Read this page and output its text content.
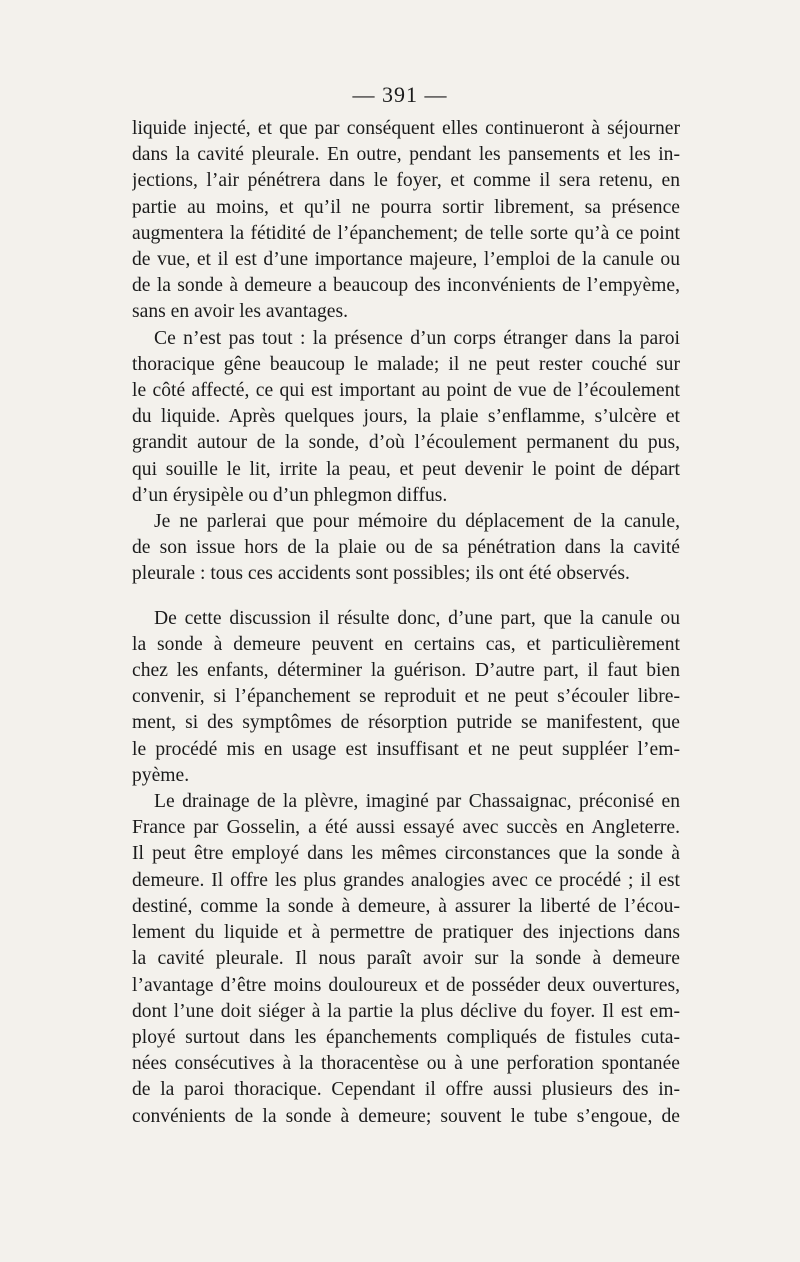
— 391 —
liquide injecté, et que par conséquent elles continueront à séjourner
dans la cavité pleurale. En outre, pendant les pansements et les in-
jections, l’air pénétrera dans le foyer, et comme il sera retenu, en
partie au moins, et qu’il ne pourra sortir librement, sa présence
augmentera la fétidité de l’épanchement; de telle sorte qu’à ce point
de vue, et il est d’une importance majeure, l’emploi de la canule ou
de la sonde à demeure a beaucoup des inconvénients de l’empyème,
sans en avoir les avantages.
Ce n’est pas tout : la présence d’un corps étranger dans la paroi
thoracique gêne beaucoup le malade; il ne peut rester couché sur
le côté affecté, ce qui est important au point de vue de l’écoulement
du liquide. Après quelques jours, la plaie s’enflamme, s’ulcère et
grandit autour de la sonde, d’où l’écoulement permanent du pus,
qui souille le lit, irrite la peau, et peut devenir le point de départ
d’un érysipèle ou d’un phlegmon diffus.
Je ne parlerai que pour mémoire du déplacement de la canule,
de son issue hors de la plaie ou de sa pénétration dans la cavité
pleurale : tous ces accidents sont possibles; ils ont été observés.
De cette discussion il résulte donc, d’une part, que la canule ou
la sonde à demeure peuvent en certains cas, et particulièrement
chez les enfants, déterminer la guérison. D’autre part, il faut bien
convenir, si l’épanchement se reproduit et ne peut s’écouler libre-
ment, si des symptômes de résorption putride se manifestent, que
le procédé mis en usage est insuffisant et ne peut suppléer l’em-
pyème.
Le drainage de la plèvre, imaginé par Chassaignac, préconisé en
France par Gosselin, a été aussi essayé avec succès en Angleterre.
Il peut être employé dans les mêmes circonstances que la sonde à
demeure. Il offre les plus grandes analogies avec ce procédé ; il est
destiné, comme la sonde à demeure, à assurer la liberté de l’écou-
lement du liquide et à permettre de pratiquer des injections dans
la cavité pleurale. Il nous paraît avoir sur la sonde à demeure
l’avantage d’être moins douloureux et de posséder deux ouvertures,
dont l’une doit siéger à la partie la plus déclive du foyer. Il est em-
ployé surtout dans les épanchements compliqués de fistules cuta-
nées consécutives à la thoracentèse ou à une perforation spontanée
de la paroi thoracique. Cependant il offre aussi plusieurs des in-
convénients de la sonde à demeure; souvent le tube s’engoue, de
